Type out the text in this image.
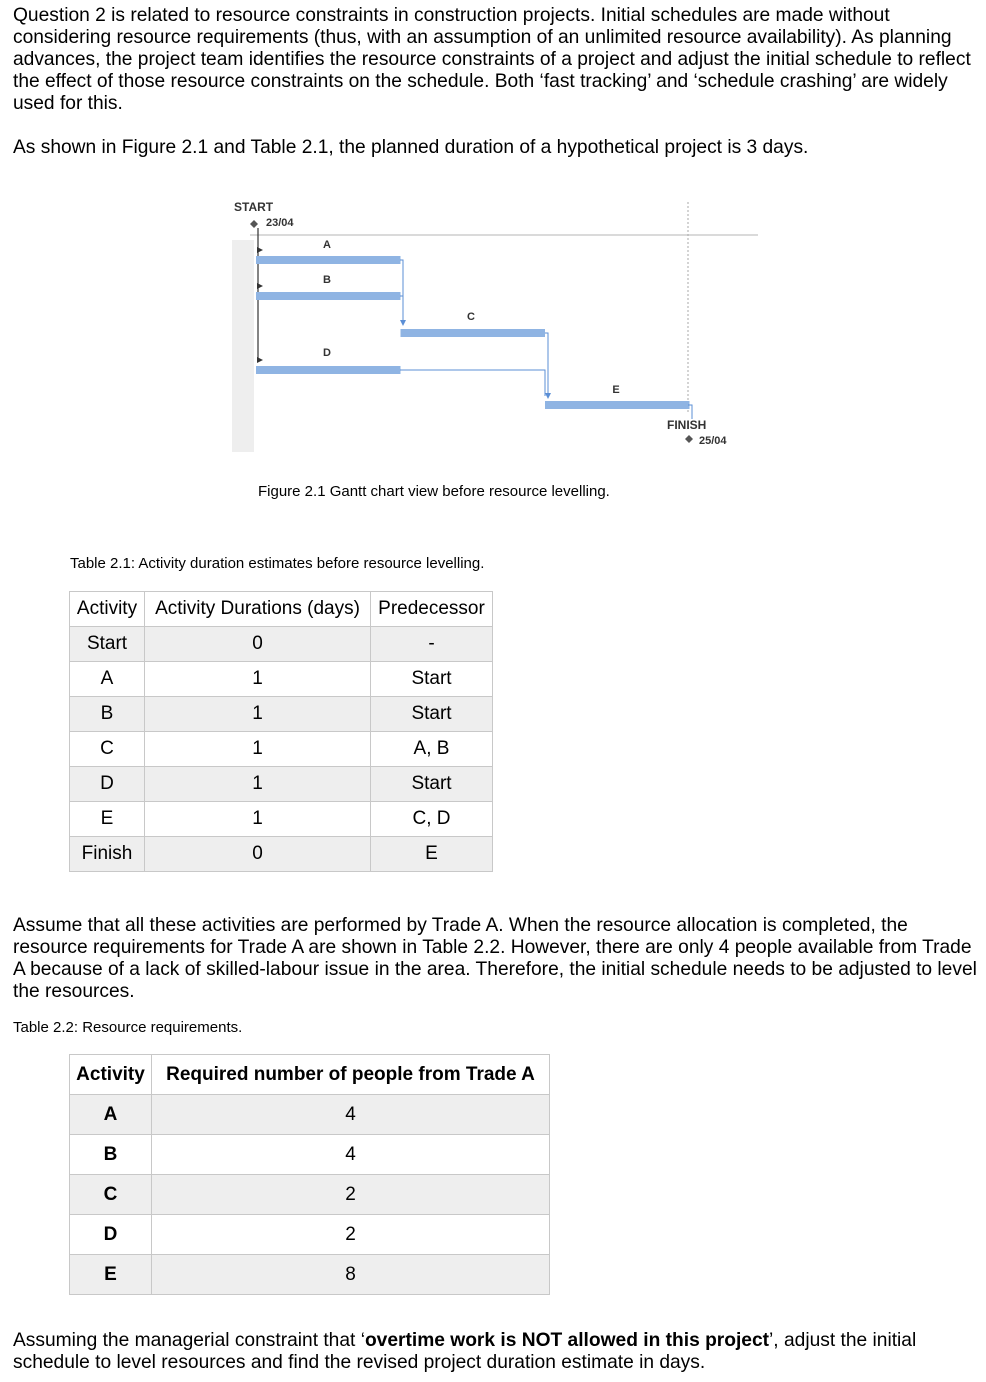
Question 2 is related to resource constraints in construction projects. Initial schedules are made without considering resource requirements (thus, with an assumption of an unlimited resource availability). As planning advances, the project team identifies the resource constraints of a project and adjust the initial schedule to reflect the effect of those resource constraints on the schedule. Both ‘fast tracking’ and ‘schedule crashing’ are widely used for this.

As shown in Figure 2.1 and Table 2.1, the planned duration of a hypothetical project is 3 days.

START
23/04
A
B
C
D
E
FINISH
25/04
Figure 2.1 Gantt chart view before resource levelling.
Table 2.1: Activity duration estimates before resource levelling.
Activity	Activity Durations (days)	Predecessor
Start	0	-
A	1	Start
B	1	Start
C	1	A, B
D	1	Start
E	1	C, D
Finish	0	E

Assume that all these activities are performed by Trade A. When the resource allocation is completed, the resource requirements for Trade A are shown in Table 2.2. However, there are only 4 people available from Trade A because of a lack of skilled-labour issue in the area. Therefore, the initial schedule needs to be adjusted to level the resources.

Table 2.2: Resource requirements.
Activity	Required number of people from Trade A
A	4
B	4
C	2
D	2
E	8

Assuming the managerial constraint that ‘overtime work is NOT allowed in this project’, adjust the initial schedule to level resources and find the revised project duration estimate in days.
